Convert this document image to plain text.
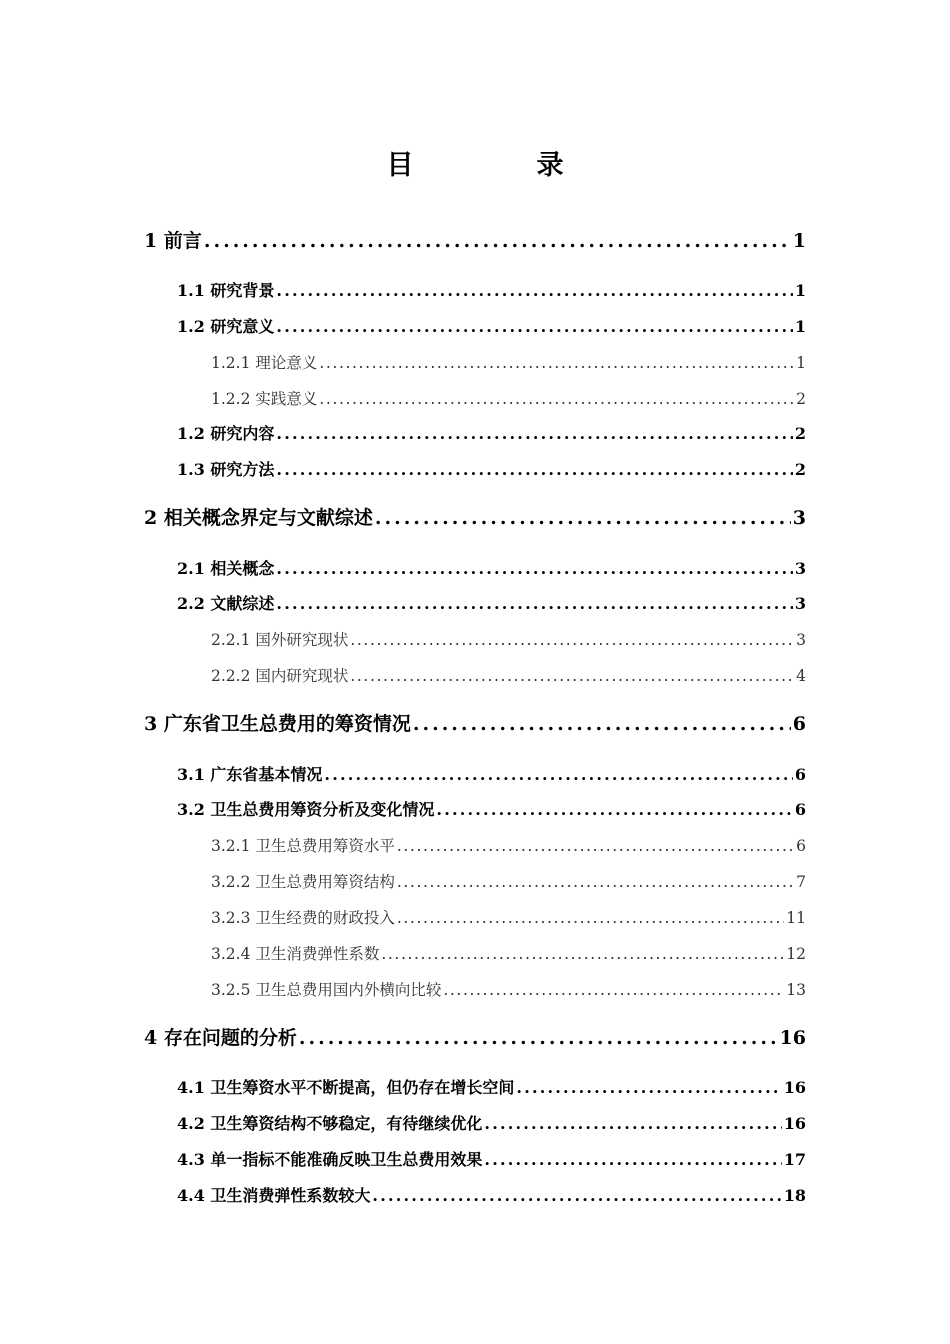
目　录
1 前言 .....	1
1.1 研究背景 .....	1
1.2 研究意义 .....	1
1.2.1 理论意义 .....	1
1.2.2 实践意义 .....	2
1.2 研究内容 .....	2
1.3 研究方法 .....	2
2 相关概念界定与文献综述 .....	3
2.1 相关概念 .....	3
2.2 文献综述 .....	3
2.2.1 国外研究现状 .....	3
2.2.2 国内研究现状 .....	4
3 广东省卫生总费用的筹资情况 .....	6
3.1 广东省基本情况 .....	6
3.2 卫生总费用筹资分析及变化情况 .....	6
3.2.1 卫生总费用筹资水平 .....	6
3.2.2 卫生总费用筹资结构 .....	7
3.2.3 卫生经费的财政投入 .....	11
3.2.4 卫生消费弹性系数 .....	12
3.2.5 卫生总费用国内外横向比较 .....	13
4 存在问题的分析 .....	16
4.1 卫生筹资水平不断提高，但仍存在增长空间 .....	16
4.2 卫生筹资结构不够稳定，有待继续优化 .....	16
4.3 单一指标不能准确反映卫生总费用效果 .....	17
4.4 卫生消费弹性系数较大 .....	18
